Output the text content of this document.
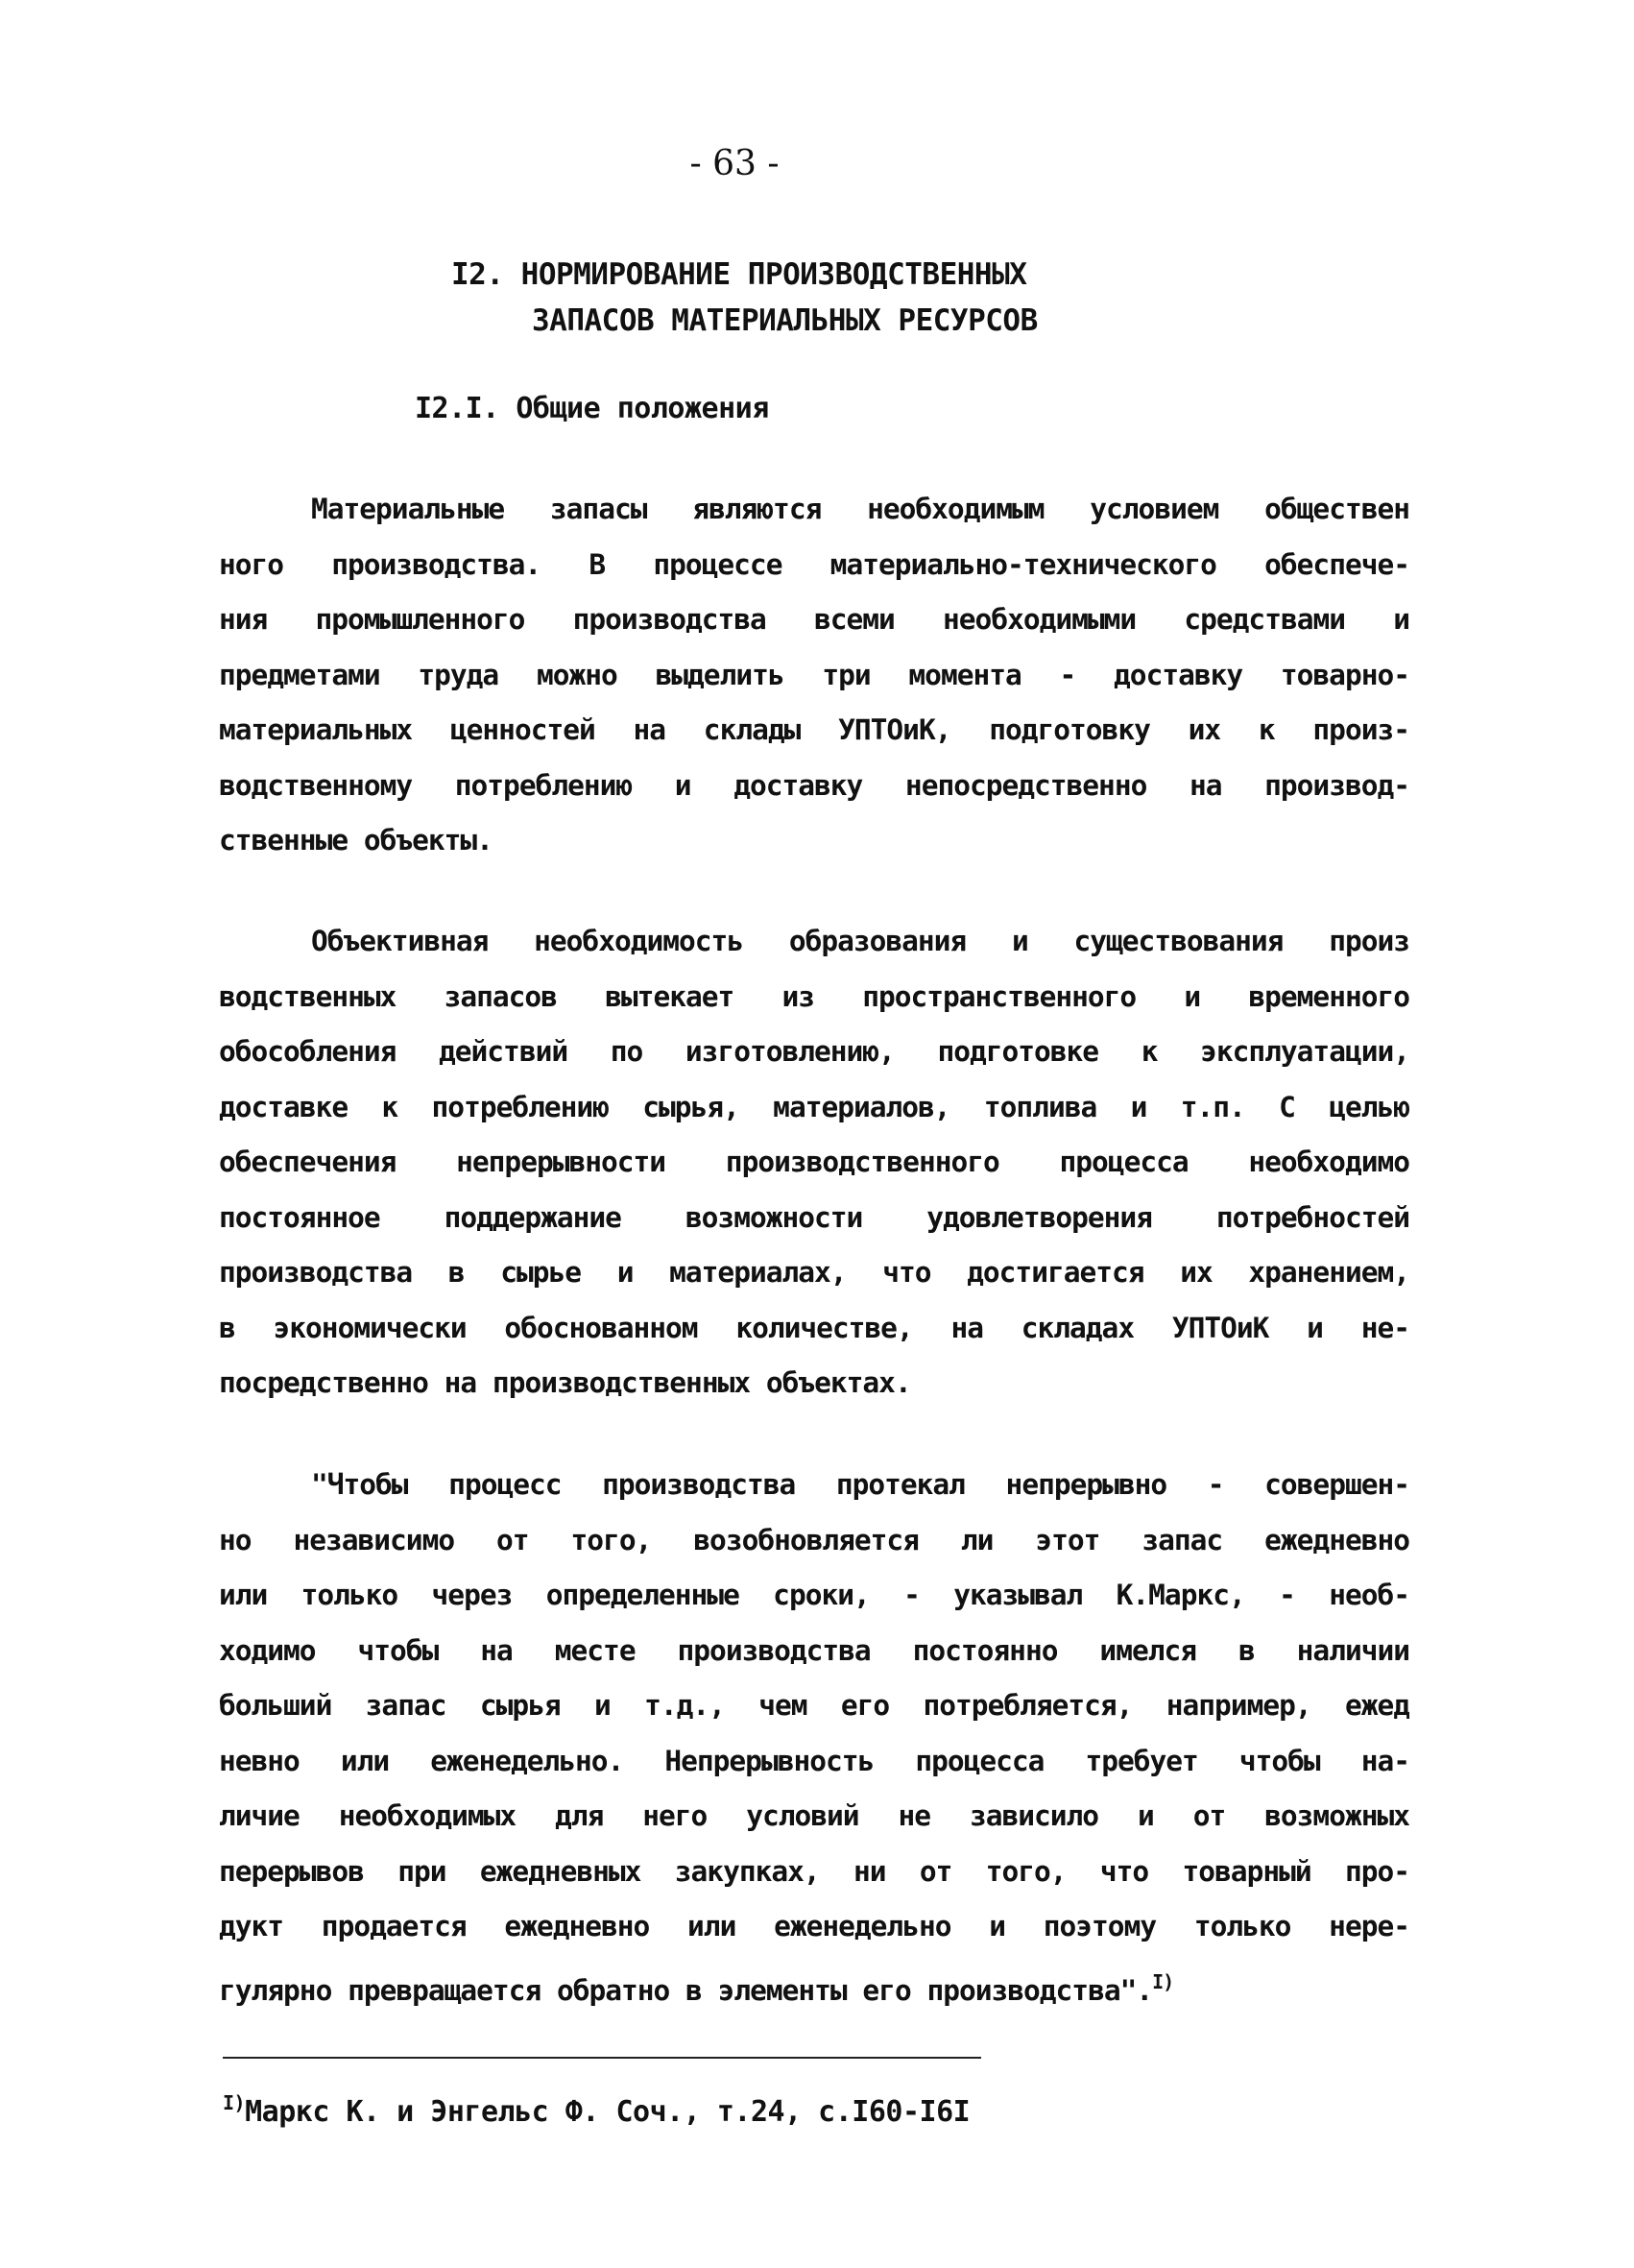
- 63 -
I2. НОРМИРОВАНИЕ ПРОИЗВОДСТВЕННЫХ
ЗАПАСОВ МАТЕРИАЛЬНЫХ РЕСУРСОВ
I2.I. Общие положения
Материальные запасы являются необходимым условием обществен
ного производства. В процессе материально-технического обеспече-
ния промышленного производства всеми необходимыми средствами и
предметами труда можно выделить три момента - доставку товарно-
материальных ценностей на склады УПТОиК, подготовку их к произ-
водственному потреблению и доставку непосредственно на производ-
ственные объекты.
Объективная необходимость образования и существования произ
водственных запасов вытекает из пространственного и временного
обособления действий по изготовлению, подготовке к эксплуатации,
доставке к потреблению сырья, материалов, топлива и т.п. С целью
обеспечения непрерывности производственного процесса необходимо
постоянное поддержание возможности удовлетворения потребностей
производства в сырье и материалах, что достигается их хранением,
в экономически обоснованном количестве, на складах УПТОиК и не-
посредственно на производственных объектах.
"Чтобы процесс производства протекал непрерывно - совершен-
но независимо от того, возобновляется ли этот запас ежедневно
или только через определенные сроки, - указывал К.Маркс, - необ-
ходимо чтобы на месте производства постоянно имелся в наличии
больший запас сырья и т.д., чем его потребляется, например, ежед
невно или еженедельно. Непрерывность процесса требует чтобы на-
личие необходимых для него условий не зависило и от возможных
перерывов при ежедневных закупках, ни от того, что товарный про-
дукт продается ежедневно или еженедельно и поэтому только нере-
гулярно превращается обратно в элементы его производства".$^{I)}$
$^{I)}$Маркс К. и Энгельс Ф. Соч., т.24, с.I60-I6I
